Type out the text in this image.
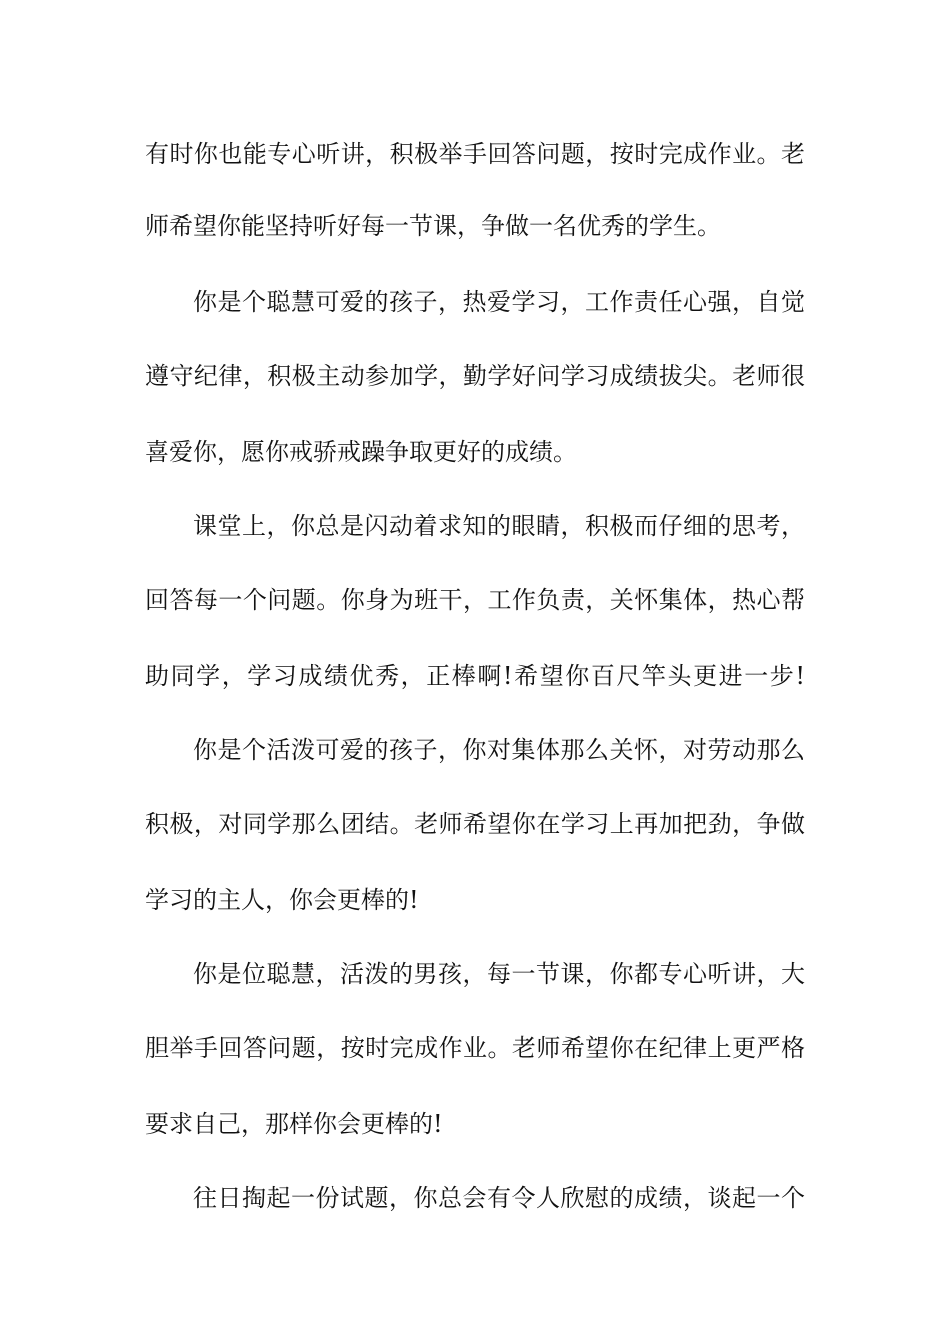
有时你也能专心听讲，积极举手回答问题，按时完成作业。老
师希望你能坚持听好每一节课，争做一名优秀的学生。
你是个聪慧可爱的孩子，热爱学习，工作责任心强，自觉
遵守纪律，积极主动参加学，勤学好问学习成绩拔尖。老师很
喜爱你，愿你戒骄戒躁争取更好的成绩。
课堂上，你总是闪动着求知的眼睛，积极而仔细的思考，
回答每一个问题。你身为班干，工作负责，关怀集体，热心帮
助同学，学习成绩优秀，正棒啊!希望你百尺竿头更进一步!
你是个活泼可爱的孩子，你对集体那么关怀，对劳动那么
积极，对同学那么团结。老师希望你在学习上再加把劲，争做
学习的主人，你会更棒的!
你是位聪慧，活泼的男孩，每一节课，你都专心听讲，大
胆举手回答问题，按时完成作业。老师希望你在纪律上更严格
要求自己，那样你会更棒的!
往日掏起一份试题，你总会有令人欣慰的成绩，谈起一个
